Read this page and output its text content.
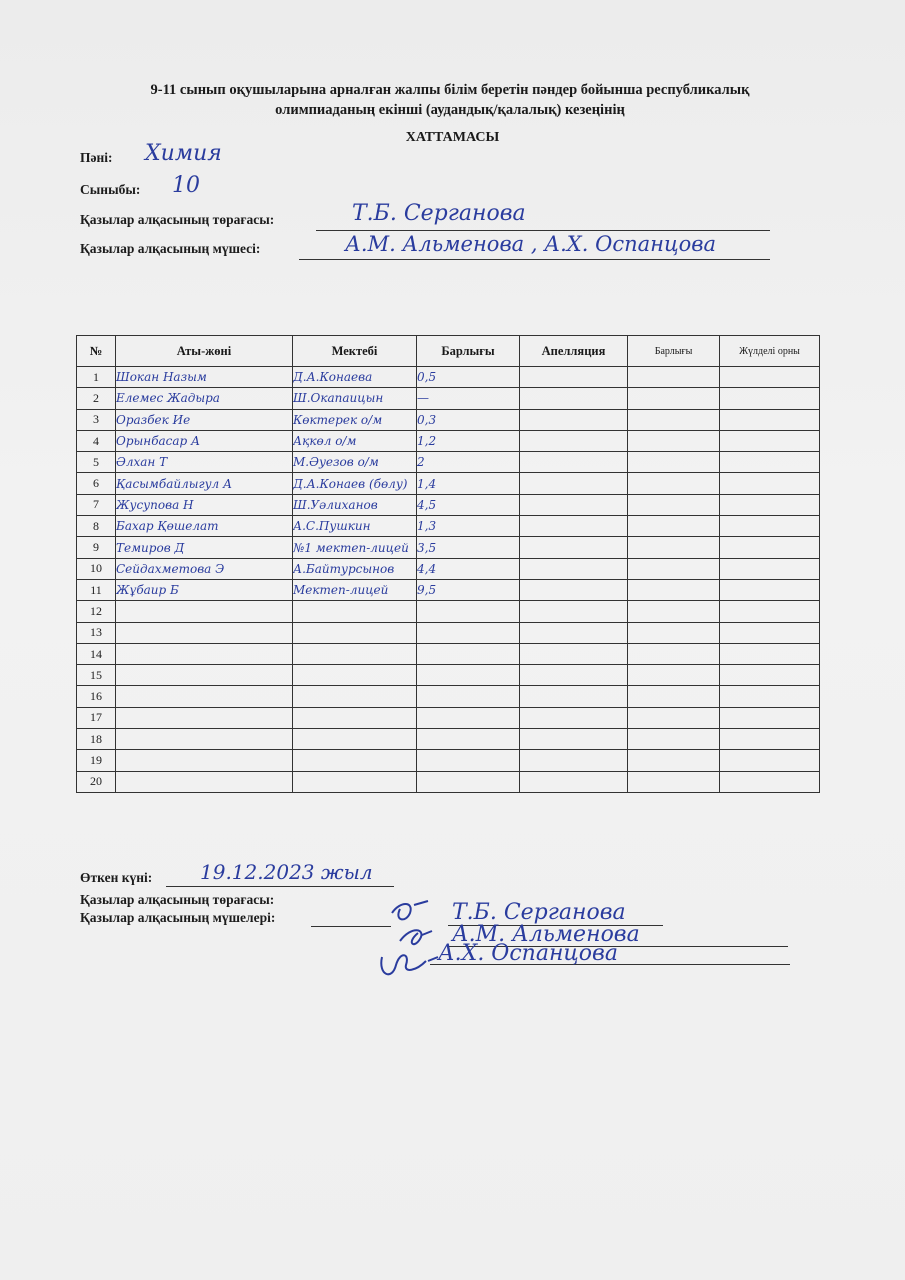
9-11 сынып оқушыларына арналған жалпы білім беретін пәндер бойынша республикалық
олимпиаданың екінші (аудандық/қалалық) кезеңінің
ХАТТАМАСЫ
Пәні: Химия
Сыныбы: 10
Қазылар алқасының төрағасы:	Т.Б. Серганова
Қазылар алқасының мүшесі:	А.М. Альменова , А.Х. Оспанцова
№	Аты-жөні	Мектебі	Барлығы	Апелляция	Барлығы	Жүлделі орны
1	Шокан Назым	Д.А.Конаева	0,5			
2	Елемес Жадыра	Ш.Окапаицын	—			
3	Оразбек Ие	Көктерек о/м	0,3			
4	Орынбасар А	Ақкөл о/м	1,2			
5	Әлхан Т	М.Әуезов о/м	2			
6	Қасымбайлыгул А	Д.А.Конаев (бөлу)	1,4			
7	Жусупова Н	Ш.Уәлиханов	4,5			
8	Бахар Қөшелат	А.С.Пушкин	1,3			
9	Темиров Д	№1 мектеп-лицей	3,5			
10	Сейдахметова Э	А.Байтурсынов	4,4			
11	Жұбаир Б	Мектеп-лицей	9,5			
12						
13						
14						
15						
16						
17						
18						
19						
20						
Өткен күні: 19.12.2023 жыл
Қазылар алқасының төрағасы:
Қазылар алқасының мүшелері:	Т.Б. Серганова
А.М. Альменова
А.Х. Оспанцова
